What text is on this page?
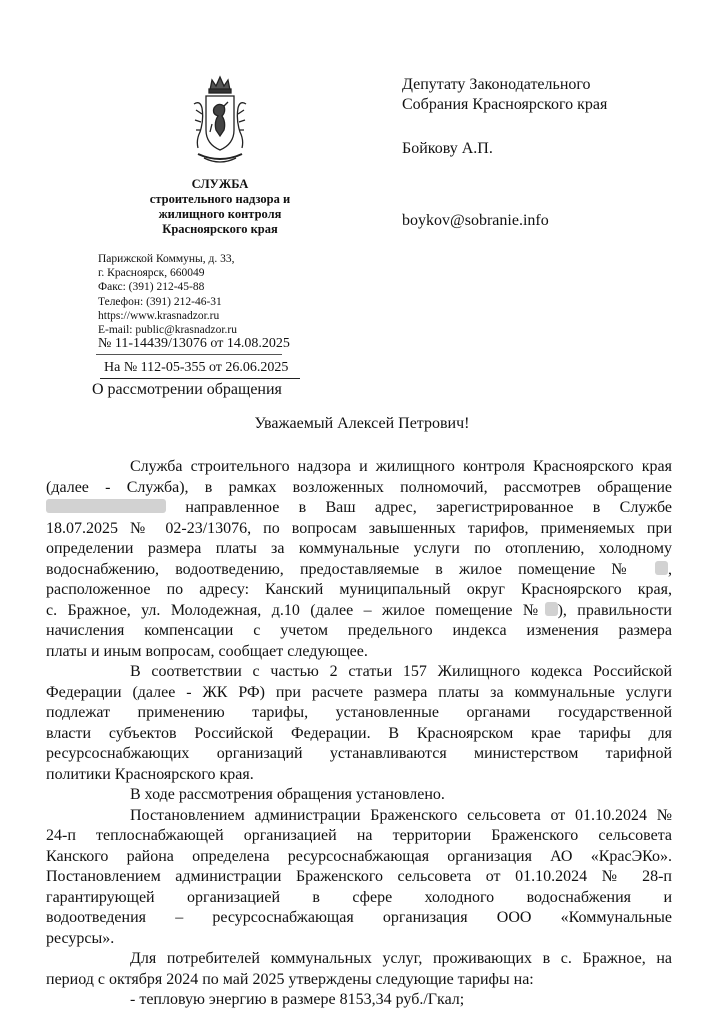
СЛУЖБА
строительного надзора и
жилищного контроля
Красноярского края
Парижской Коммуны, д. 33,
г. Красноярск, 660049
Факс: (391) 212-45-88
Телефон: (391) 212-46-31
https://www.krasnadzor.ru
E-mail: public@krasnadzor.ru
№ 11-14439/13076 от 14.08.2025
На № 112-05-355 от 26.06.2025
О рассмотрении обращения
Депутату Законодательного
Собрания Красноярского края
Бойкову А.П.
boykov@sobranie.info
Уважаемый Алексей Петрович!

Служба строительного надзора и жилищного контроля Красноярского края
(далее - Служба), в рамках возложенных полномочий, рассмотрев обращение
направленное в Ваш адрес, зарегистрированное в Службе
18.07.2025 № 02-23/13076, по вопросам завышенных тарифов, применяемых при
определении размера платы за коммунальные услуги по отоплению, холодному
водоснабжению, водоотведению, предоставляемые в жилое помещение № ,
расположенное по адресу: Канский муниципальный округ Красноярского края,
с. Бражное, ул. Молодежная, д.10 (далее – жилое помещение № ), правильности
начисления компенсации с учетом предельного индекса изменения размера
платы и иным вопросам, сообщает следующее.

В соответствии с частью 2 статьи 157 Жилищного кодекса Российской
Федерации (далее - ЖК РФ) при расчете размера платы за коммунальные услуги
подлежат применению тарифы, установленные органами государственной
власти субъектов Российской Федерации. В Красноярском крае тарифы для
ресурсоснабжающих организаций устанавливаются министерством тарифной
политики Красноярского края.

В ходе рассмотрения обращения установлено.

Постановлением администрации Браженского сельсовета от 01.10.2024 №
24-п теплоснабжающей организацией на территории Браженского сельсовета
Канского района определена ресурсоснабжающая организация АО «КрасЭКо».
Постановлением администрации Браженского сельсовета от 01.10.2024 № 28-п
гарантирующей организацией в сфере холодного водоснабжения и
водоотведения – ресурсоснабжающая организация ООО «Коммунальные
ресурсы».

Для потребителей коммунальных услуг, проживающих в с. Бражное, на
период с октября 2024 по май 2025 утверждены следующие тарифы на:

- тепловую энергию в размере 8153,34 руб./Гкал;
